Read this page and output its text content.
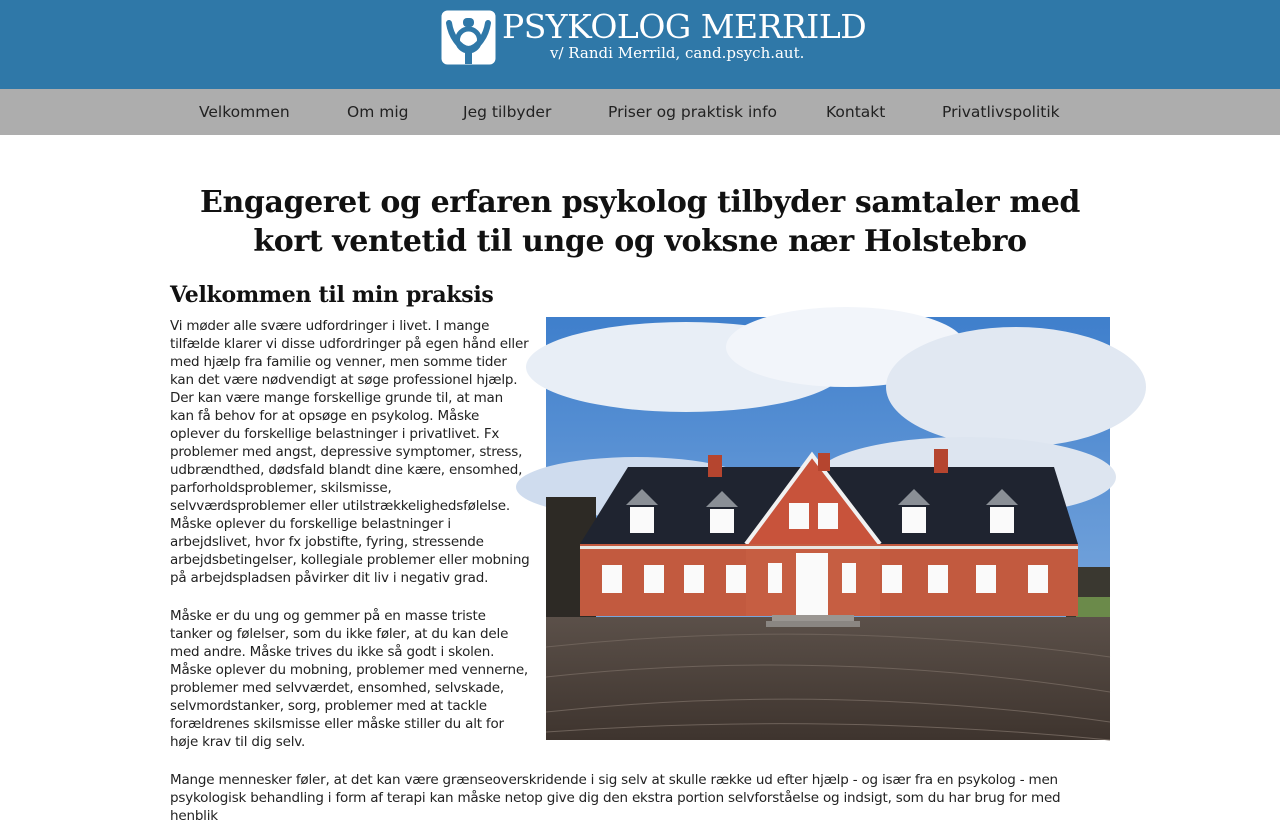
PSYKOLOG MERRILD
v/ Randi Merrild, cand.psych.aut.
Velkommen	Om mig	Jeg tilbyder	Priser og praktisk info	Kontakt	Privatlivspolitik
Engageret og erfaren psykolog tilbyder samtaler med kort ventetid til unge og voksne nær Holstebro
Velkommen til min praksis

Vi møder alle svære udfordringer i livet. I mange tilfælde klarer vi disse udfordringer på egen hånd eller med hjælp fra familie og venner, men somme tider kan det være nødvendigt at søge professionel hjælp. Der kan være mange forskellige grunde til, at man kan få behov for at opsøge en psykolog. Måske oplever du forskellige belastninger i privatlivet. Fx problemer med angst, depressive symptomer, stress, udbrændthed, dødsfald blandt dine kære, ensomhed, parforholdsproblemer, skilsmisse, selvværdsproblemer eller utilstrækkelighedsfølelse. Måske oplever du forskellige belastninger i arbejdslivet, hvor fx jobstifte, fyring, stressende arbejdsbetingelser, kollegiale problemer eller mobning på arbejdspladsen påvirker dit liv i negativ grad.

Måske er du ung og gemmer på en masse triste tanker og følelser, som du ikke føler, at du kan dele med andre. Måske trives du ikke så godt i skolen. Måske oplever du mobning, problemer med vennerne, problemer med selvværdet, ensomhed, selvskade, selvmordstanker, sorg, problemer med at tackle forældrenes skilsmisse eller måske stiller du alt for høje krav til dig selv.

Mange mennesker føler, at det kan være grænseoverskridende i sig selv at skulle række ud efter hjælp - og især fra en psykolog - men psykologisk behandling i form af terapi kan måske netop give dig den ekstra portion selvforståelse og indsigt, som du har brug for med henblik
